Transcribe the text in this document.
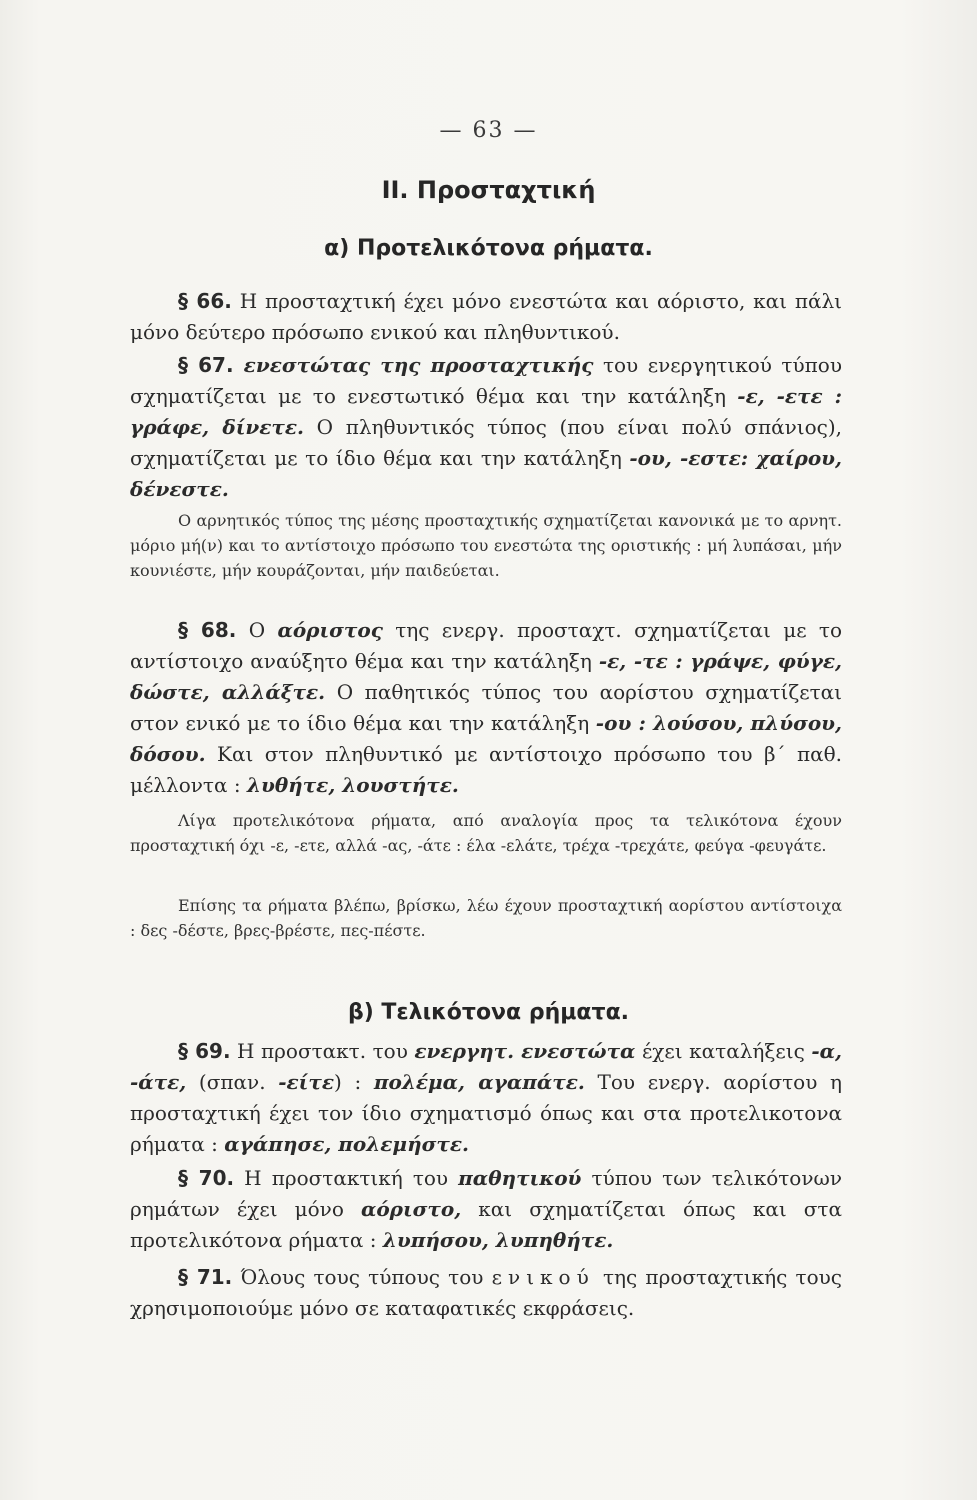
— 63 —
II. Προσταχτική
α) Προτελικότονα ρήματα.
§ 66. Η προσταχτική έχει μόνο ενεστώτα και αόριστο, και πάλι μόνο δεύτερο πρόσωπο ενικού και πληθυντικού.
§ 67. ενεστώτας της προσταχτικής του ενεργητικού τύπου σχηματίζεται με το ενεστωτικό θέμα και την κατάληξη -ε, -ετε : γράφε, δίνετε. Ο πληθυντικός τύπος (που είναι πολύ σπάνιος), σχηματίζεται με το ίδιο θέμα και την κατάληξη -ου, -εστε: χαίρου, δένεστε.
Ο αρνητικός τύπος της μέσης προσταχτικής σχηματίζεται κανονικά με το αρνητ. μόριο μή(ν) και το αντίστοιχο πρόσωπο του ενεστώτα της οριστικής : μή λυπάσαι, μήν κουνιέστε, μήν κουράζονται, μήν παιδεύεται.
§ 68. Ο αόριστος της ενεργ. προσταχτ. σχηματίζεται με το αντίστοιχο αναύξητο θέμα και την κατάληξη -ε, -τε : γράψε, φύγε, δώστε, αλλάξτε. Ο παθητικός τύπος του αορίστου σχηματίζεται στον ενικό με το ίδιο θέμα και την κατάληξη -ου : λούσου, πλύσου, δόσου. Και στον πληθυντικό με αντίστοιχο πρόσωπο του β΄ παθ. μέλλοντα : λυθήτε, λουστήτε.
Λίγα προτελικότονα ρήματα, από αναλογία προς τα τελικότονα έχουν προσταχτική όχι -ε, -ετε, αλλά -ας, -άτε : έλα -ελάτε, τρέχα -τρεχάτε, φεύγα -φευγάτε.
Επίσης τα ρήματα βλέπω, βρίσκω, λέω έχουν προσταχτική αορίστου αντίστοιχα : δες -δέστε, βρες-βρέστε, πες-πέστε.
β) Τελικότονα ρήματα.
§ 69. Η προστακτ. του ενεργητ. ενεστώτα έχει καταλήξεις -α, -άτε, (σπαν. -είτε) : πολέμα, αγαπάτε. Του ενεργ. αορίστου η προσταχτική έχει τον ίδιο σχηματισμό όπως και στα προτελικοτονα ρήματα : αγάπησε, πολεμήστε.
§ 70. Η προστακτική του παθητικού τύπου των τελικότονων ρημάτων έχει μόνο αόριστο, και σχηματίζεται όπως και στα προτελικότονα ρήματα : λυπήσου, λυπηθήτε.
§ 71. Όλους τους τύπους του ενικού της προσταχτικής τους χρησιμοποιούμε μόνο σε καταφατικές εκφράσεις.
